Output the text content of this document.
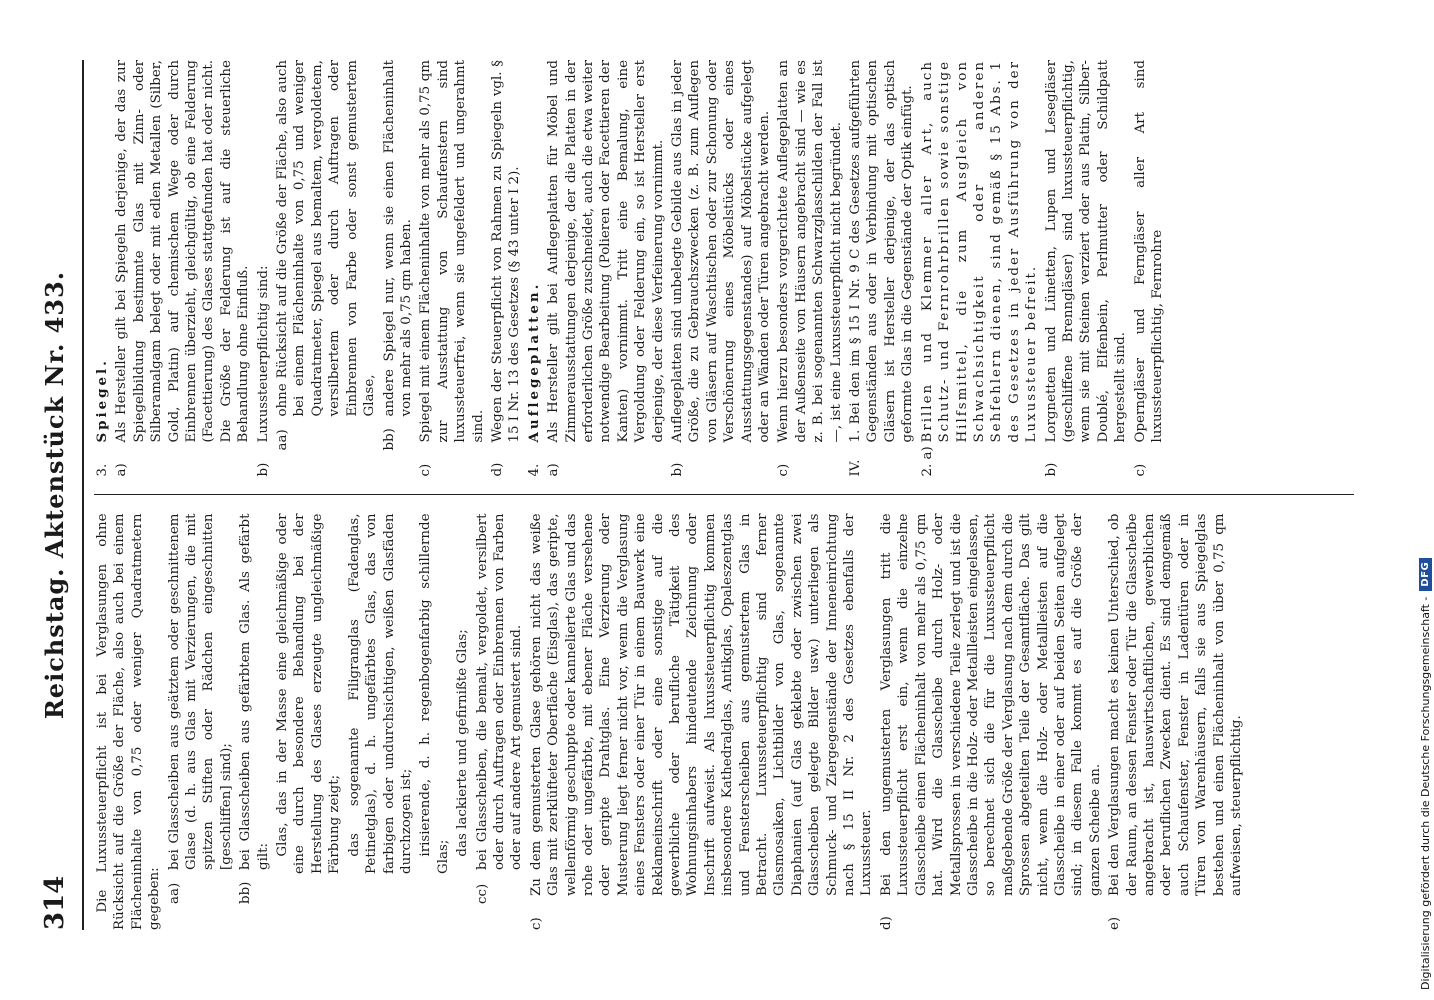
314
Reichstag. Aktenstück Nr. 433. Die Luxussteuerpflicht ist bei Verglasungen ohne Rücksicht auf die Größe der Fläche, also auch bei einem Flächeninhalte von 0,75 oder weniger Quadratmetern gegeben: aa)
bei Glasscheiben aus geätztem oder geschnittenem Glase (d. h. aus Glas mit Verzierungen, die mit spitzen Stiften oder Rädchen eingeschnitten [geschliffen] sind);
bb)
bei Glasscheiben aus gefärbtem Glas. Als gefärbt gilt: Glas, das in der Masse eine gleichmäßige oder eine durch besondere Behandlung bei der Herstellung des Glases erzeugte ungleichmäßige Färbung zeigt; das sogenannte Filigranglas (Fadenglas, Petinetglas), d. h. ungefärbtes Glas, das von farbigen oder undurchsichtigen, weißen Glasfäden durchzogen ist; irisierende, d. h. regenbogenfarbig schillernde Glas;

das lackierte und gefirnißte Glas;

cc)
bei Glasscheiben, die bemalt, vergoldet, versilbert oder durch Auftragen oder Einbrennen von Farben oder auf andere Art gemustert sind.
c)
Zu dem gemusterten Glase gehören nicht das weiße Glas mit zerklüfteter Oberfläche (Eisglas), das geripte, wellenförmig geschuppte oder kannelierte Glas und das rohe oder ungefärbte, mit ebener Fläche versehene oder geripte Drahtglas. Eine Verzierung oder Musterung liegt ferner nicht vor, wenn die Verglasung eines Fensters oder einer Tür in einem Bauwerk eine Reklameinschrift oder eine sonstige auf die gewerbliche oder berufliche Tätigkeit des Wohnungsinhabers hindeutende Zeichnung oder Inschrift aufweist. Als luxussteuerpflichtig kommen insbesondere Kathedralglas, Antikglas, Opaleszentglas und Fensterscheiben aus gemustertem Glas in Betracht. Luxussteuerpflichtig sind ferner Glasmosaiken, Lichtbilder von Glas, sogenannte Diaphanien (auf Glas geklebte oder zwischen zwei Glasscheiben gelegte Bilder usw.) unterliegen als Schmuck- und Ziergegenstände der Inneneinrichtung nach § 15 II Nr. 2 des Gesetzes ebenfalls der Luxussteuer.
d)
Bei den ungemusterten Verglasungen tritt die Luxussteuerpflicht erst ein, wenn die einzelne Glasscheibe einen Flächeninhalt von mehr als 0,75 qm hat. Wird die Glasscheibe durch Holz- oder Metallsprossen in verschiedene Teile zerlegt und ist die Glasscheibe in die Holz- oder Metallleisten eingelassen, so berechnet sich die für die Luxussteuerpflicht maßgebende Größe der Verglasung nach dem durch die Sprossen abgeteilten Teile der Gesamtfläche. Das gilt nicht, wenn die Holz- oder Metallleisten auf die Glasscheibe in einer oder auf beiden Seiten aufgelegt sind; in diesem Falle kommt es auf die Größe der ganzen Scheibe an.
e)
Bei den Verglasungen macht es keinen Unterschied, ob der Raum, an dessen Fenster oder Tür die Glasscheibe angebracht ist, hauswirtschaftlichen, gewerblichen oder beruflichen Zwecken dient. Es sind demgemäß auch Schaufenster, Fenster in Ladentüren oder in Türen von Warenhäusern, falls sie aus Spiegelglas bestehen und einen Flächeninhalt von über 0,75 qm aufweisen, steuerpflichtig.
3.
Spiegel.
a)
Als Hersteller gilt bei Spiegeln derjenige, der das zur Spiegelbildung bestimmte Glas mit Zinn- oder Silberamalgam belegt oder mit edlen Metallen (Silber, Gold, Platin) auf chemischem Wege oder durch Einbrennen überzieht, gleichgültig, ob eine Felderung (Facettierung) des Glases stattgefunden hat oder nicht. Die Größe der Felderung ist auf die steuerliche Behandlung ohne Einfluß.
b)
Luxussteuerpflichtig sind: aa)
ohne Rücksicht auf die Größe der Fläche, also auch bei einem Flächeninhalte von 0,75 und weniger Quadratmeter, Spiegel aus bemaltem, vergoldetem, versilbertem oder durch Auftragen oder Einbrennen von Farbe oder sonst gemustertem Glase,
bb)
andere Spiegel nur, wenn sie einen Flächeninhalt von mehr als 0,75 qm haben.
c)
Spiegel mit einem Flächeninhalte von mehr als 0,75 qm zur Ausstattung von Schaufenstern sind luxussteuerfrei, wenn sie ungefeldert und ungerahmt sind.
d)
Wegen der Steuerpflicht von Rahmen zu Spiegeln vgl. § 15 I Nr. 13 des Gesetzes (§ 43 unter I 2).
4.
Auflegeplatten.
a)
Als Hersteller gilt bei Auflegeplatten für Möbel und Zimmerausstattungen derjenige, der die Platten in der erforderlichen Größe zuschneidet, auch die etwa weiter notwendige Bearbeitung (Polieren oder Facettieren der Kanten) vornimmt. Tritt eine Bemalung, eine Vergoldung oder Felderung ein, so ist Hersteller erst derjenige, der diese Verfeinerung vornimmt.
b)
Auflegeplatten sind unbelegte Gebilde aus Glas in jeder Größe, die zu Gebrauchszwecken (z. B. zum Auflegen von Gläsern auf Waschtischen oder zur Schonung oder Verschönerung eines Möbelstücks oder eines Ausstattungsgegenstandes) auf Möbelstücke aufgelegt oder an Wänden oder Türen angebracht werden.
c)
Wenn hierzu besonders vorgerichtete Auflegeplatten an der Außenseite von Häusern angebracht sind — wie es z. B. bei sogenannten Schwarzglasschilden der Fall ist —, ist eine Luxussteuerpflicht nicht begründet.
IV.
1. Bei den im § 15 I Nr. 9 C des Gesetzes aufgeführten Gegenständen aus oder in Verbindung mit optischen Gläsern ist Hersteller derjenige, der das optisch geformte Glas in die Gegenstände der Optik einfügt.
2. a)
Brillen und Klemmer aller Art, auch Schutz- und Fernrohrbrillen sowie sonstige Hilfsmittel, die zum Ausgleich von Schwachsichtigkeit oder anderen Sehfehlern dienen, sind gemäß § 15 Abs. 1 des Gesetzes in jeder Ausführung von der Luxussteuer befreit.
b)
Lorgnetten und Lünetten, Lupen und Lesegläser (geschliffene Brenngläser) sind luxussteuerpflichtig, wenn sie mit Steinen verziert oder aus Platin, Silber-Doublé, Elfenbein, Perlmutter oder Schildpatt hergestellt sind.
c)
Operngläser und Ferngläser aller Art sind luxussteuerpflichtig, Fernrohre
Digitalisierung gefördert durch die Deutsche Forschungsgemeinschaft -
DFG
